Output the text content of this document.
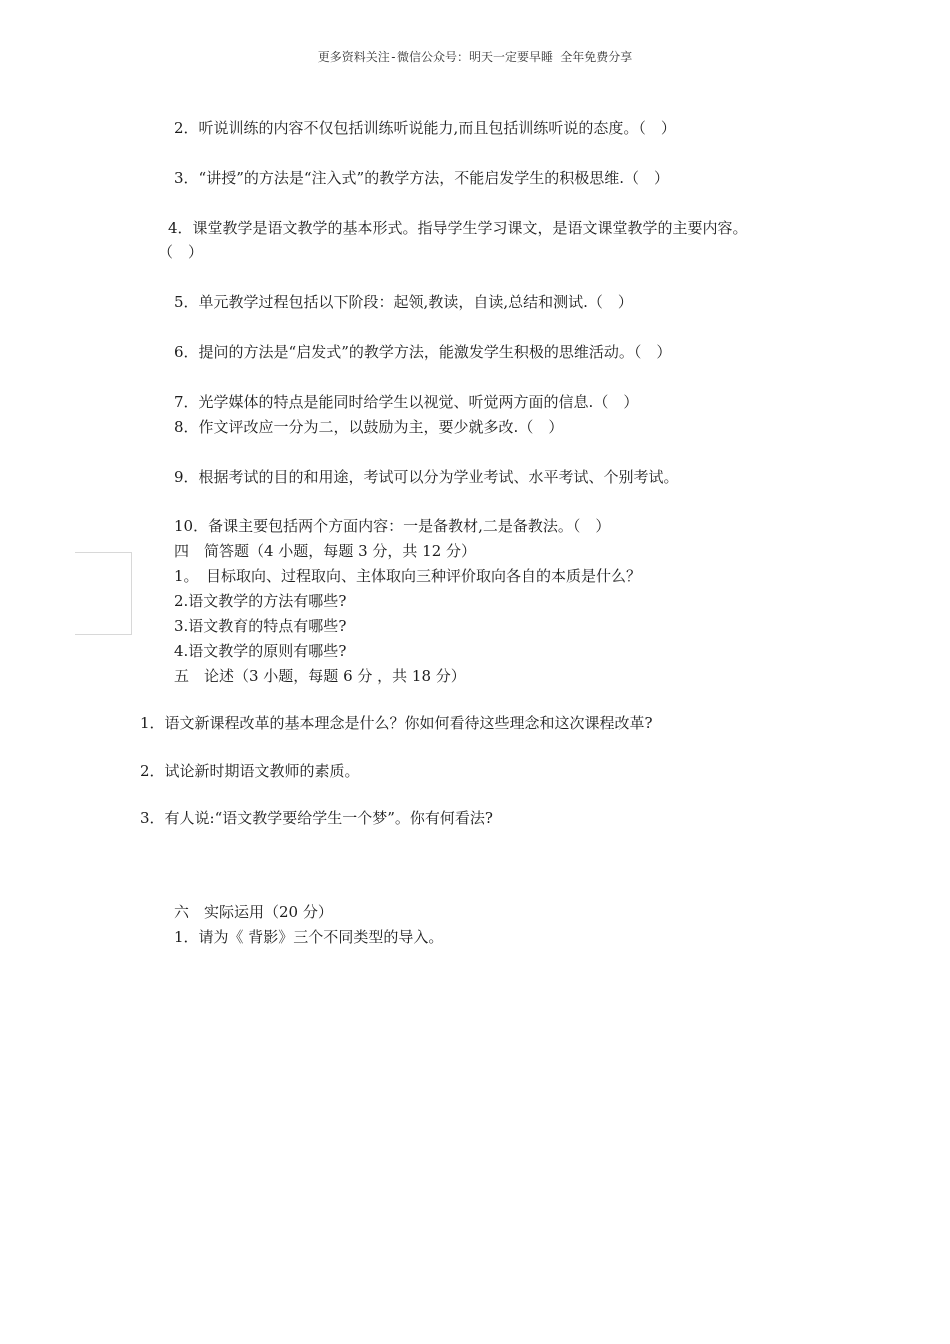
更多资料关注-微信公众号：明天一定要早睡 全年免费分享
2．听说训练的内容不仅包括训练听说能力,而且包括训练听说的态度。（　）
3．“讲授”的方法是“注入式”的教学方法，不能启发学生的积极思维.（　）
4．课堂教学是语文教学的基本形式。指导学生学习课文，是语文课堂教学的主要内容。
（　）
5．单元教学过程包括以下阶段：起领,教读，自读,总结和测试.（　）
6．提问的方法是“启发式”的教学方法，能激发学生积极的思维活动。（　）
7．光学媒体的特点是能同时给学生以视觉、听觉两方面的信息.（　）
8．作文评改应一分为二，以鼓励为主，要少就多改.（　）
9．根据考试的目的和用途，考试可以分为学业考试、水平考试、个别考试。
10．备课主要包括两个方面内容：一是备教材,二是备教法。（　）
四　简答题（4 小题，每题 3 分，共 12 分）
1。　目标取向、过程取向、主体取向三种评价取向各自的本质是什么？
2.语文教学的方法有哪些?
3.语文教育的特点有哪些?
4.语文教学的原则有哪些?
五　论述（3 小题，每题 6 分 ，共 18 分）
1．语文新课程改革的基本理念是什么？你如何看待这些理念和这次课程改革?
2．试论新时期语文教师的素质。
3．有人说:“语文教学要给学生一个梦”。你有何看法?
六　实际运用（20 分）
1．请为《 背影》三个不同类型的导入。
